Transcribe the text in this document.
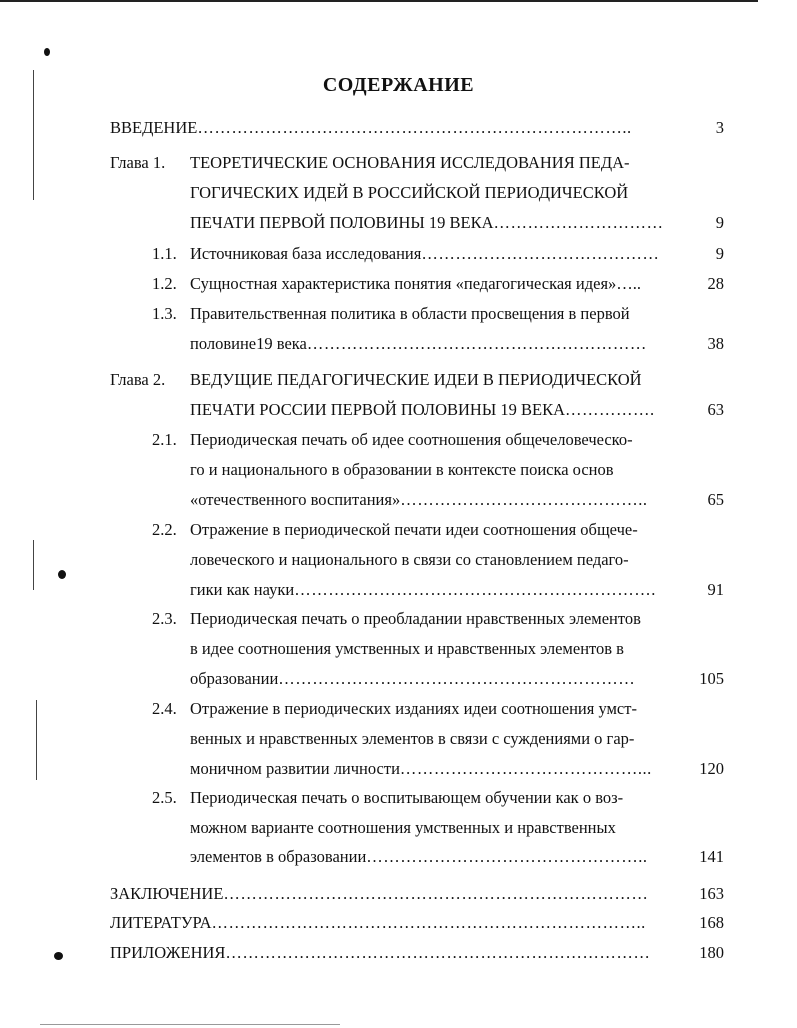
СОДЕРЖАНИЕ
ВВЕДЕНИЕ…………………………………………………………………..	3
Глава 1. ТЕОРЕТИЧЕСКИЕ ОСНОВАНИЯ ИССЛЕДОВАНИЯ ПЕДА-
ГОГИЧЕСКИХ ИДЕЙ В РОССИЙСКОЙ ПЕРИОДИЧЕСКОЙ
ПЕЧАТИ ПЕРВОЙ ПОЛОВИНЫ 19 ВЕКА…………………………	9
1.1. Источниковая база исследования……………………………………	9
1.2. Сущностная характеристика понятия «педагогическая идея»…..	28
1.3. Правительственная политика в области просвещения в первой
половине19 века……………………………………………………	38
Глава 2. ВЕДУЩИЕ ПЕДАГОГИЧЕСКИЕ ИДЕИ В ПЕРИОДИЧЕСКОЙ
ПЕЧАТИ РОССИИ ПЕРВОЙ ПОЛОВИНЫ 19 ВЕКА…………….	63
2.1. Периодическая печать об идее соотношения общечеловеческо-
го и национального в образовании в контексте поиска основ
«отечественного воспитания»……………………………………..	65
2.2. Отражение в периодической печати идеи соотношения общече-
ловеческого и национального в связи со становлением педаго-
гики как науки……………………………………………………….	91
2.3. Периодическая печать о преобладании нравственных элементов
в идее соотношения умственных и нравственных элементов в
образовании………………………………………………………	105
2.4. Отражение в периодических изданиях идеи соотношения умст-
венных и нравственных элементов в связи с суждениями о гар-
моничном развитии личности……………………………………...	120
2.5. Периодическая печать о воспитывающем обучении как о воз-
можном варианте соотношения умственных и нравственных
элементов в образовании…………………………………………..	141
ЗАКЛЮЧЕНИЕ…………………………………………………………………	163
ЛИТЕРАТУРА…………………………………………………………………..	168
ПРИЛОЖЕНИЯ…………………………………………………………………	180
